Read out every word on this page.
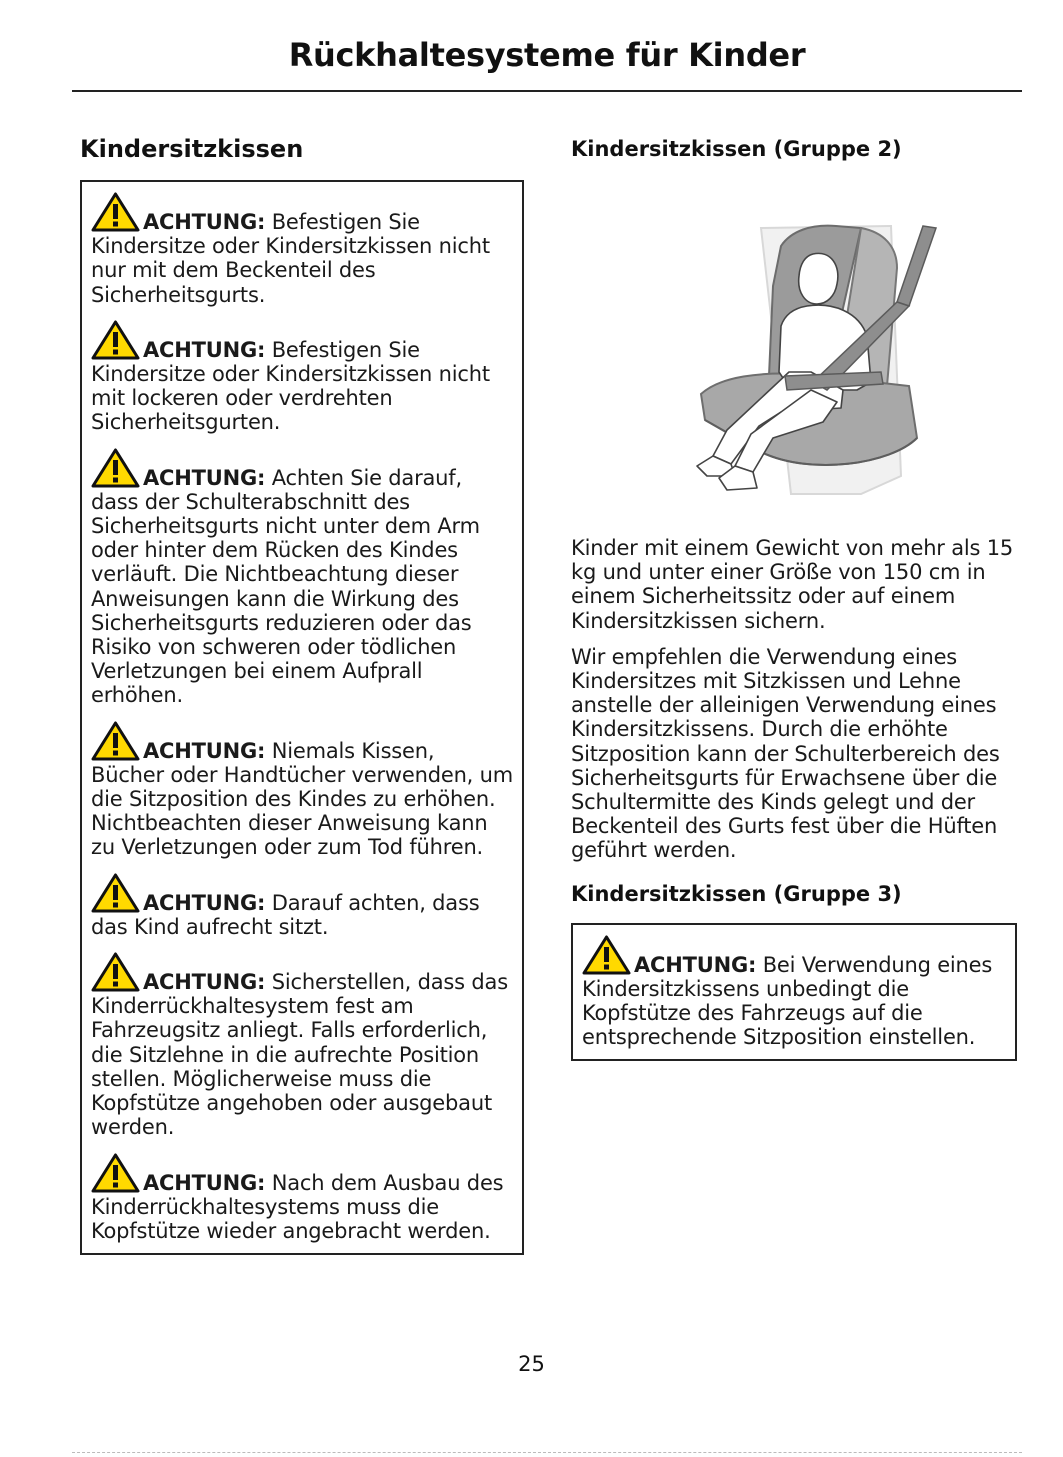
Rückhaltesysteme für Kinder
Kindersitzkissen

ACHTUNG: Befestigen Sie Kindersitze oder Kindersitzkissen nicht nur mit dem Beckenteil des Sicherheitsgurts.

ACHTUNG: Befestigen Sie Kindersitze oder Kindersitzkissen nicht mit lockeren oder verdrehten Sicherheitsgurten.

ACHTUNG: Achten Sie darauf, dass der Schulterabschnitt des Sicherheitsgurts nicht unter dem Arm oder hinter dem Rücken des Kindes verläuft. Die Nichtbeachtung dieser Anweisungen kann die Wirkung des Sicherheitsgurts reduzieren oder das Risiko von schweren oder tödlichen Verletzungen bei einem Aufprall erhöhen.

ACHTUNG: Niemals Kissen, Bücher oder Handtücher verwenden, um die Sitzposition des Kindes zu erhöhen. Nichtbeachten dieser Anweisung kann zu Verletzungen oder zum Tod führen.

ACHTUNG: Darauf achten, dass das Kind aufrecht sitzt.

ACHTUNG: Sicherstellen, dass das Kinderrückhaltesystem fest am Fahrzeugsitz anliegt. Falls erforderlich, die Sitzlehne in die aufrechte Position stellen. Möglicherweise muss die Kopfstütze angehoben oder ausgebaut werden.

ACHTUNG: Nach dem Ausbau des Kinderrückhaltesystems muss die Kopfstütze wieder angebracht werden.

Kindersitzkissen (Gruppe 2)

Kinder mit einem Gewicht von mehr als 15 kg und unter einer Größe von 150 cm in einem Sicherheitssitz oder auf einem Kindersitzkissen sichern.

Wir empfehlen die Verwendung eines Kindersitzes mit Sitzkissen und Lehne anstelle der alleinigen Verwendung eines Kindersitzkissens. Durch die erhöhte Sitzposition kann der Schulterbereich des Sicherheitsgurts für Erwachsene über die Schultermitte des Kinds gelegt und der Beckenteil des Gurts fest über die Hüften geführt werden.

Kindersitzkissen (Gruppe 3)

ACHTUNG: Bei Verwendung eines Kindersitzkissens unbedingt die Kopfstütze des Fahrzeugs auf die entsprechende Sitzposition einstellen.

25
